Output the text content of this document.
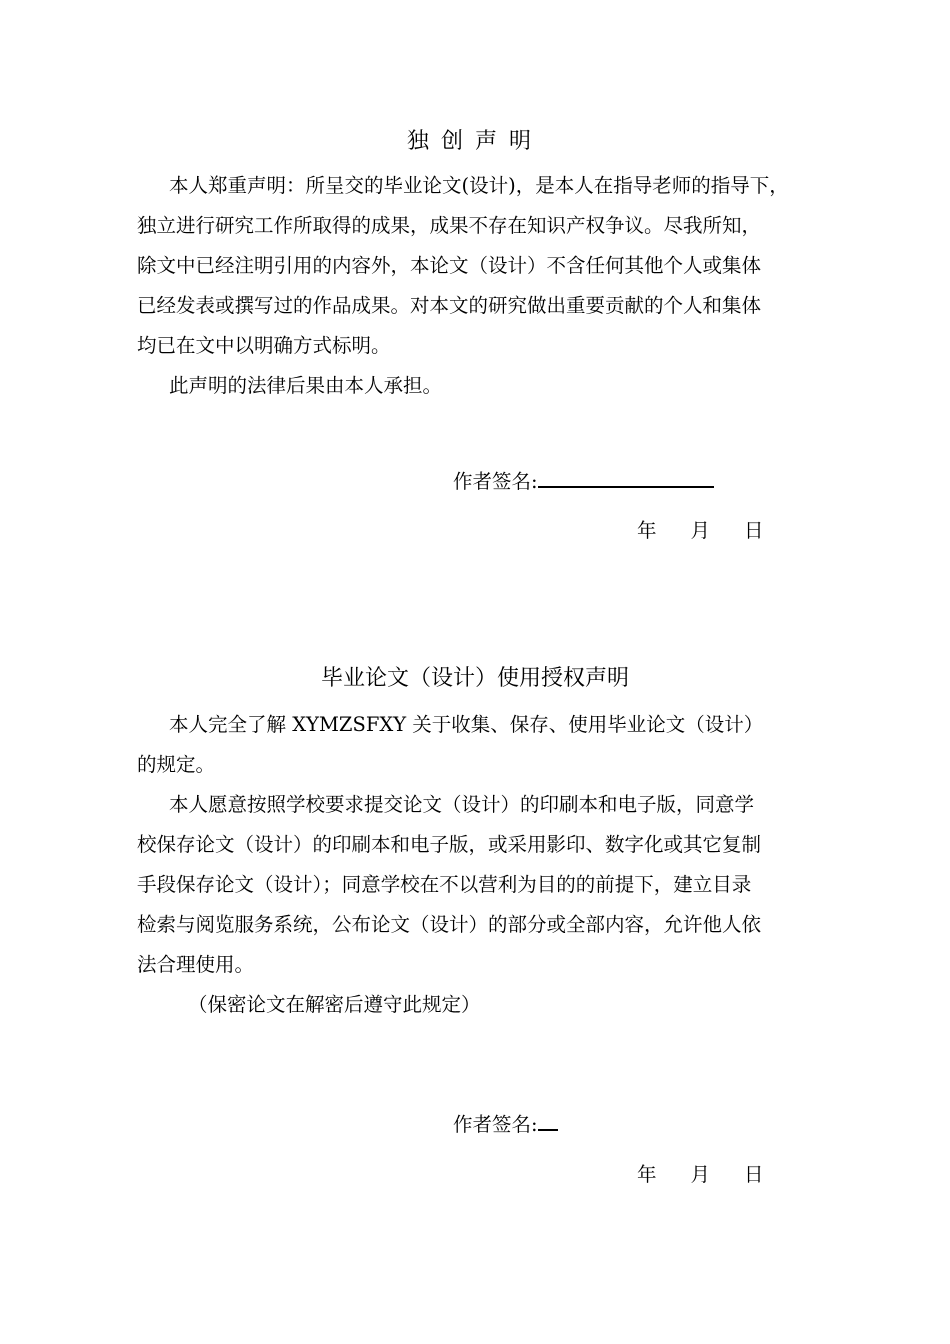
独创声明
本人郑重声明：所呈交的毕业论文(设计)，是本人在指导老师的指导下，
独立进行研究工作所取得的成果，成果不存在知识产权争议。尽我所知，
除文中已经注明引用的内容外，本论文（设计）不含任何其他个人或集体
已经发表或撰写过的作品成果。对本文的研究做出重要贡献的个人和集体
均已在文中以明确方式标明。
此声明的法律后果由本人承担。
作者签名:
年 月 日
毕业论文（设计）使用授权声明
本人完全了解 XYMZSFXY 关于收集、保存、使用毕业论文（设计）
的规定。
本人愿意按照学校要求提交论文（设计）的印刷本和电子版，同意学
校保存论文（设计）的印刷本和电子版，或采用影印、数字化或其它复制
手段保存论文（设计）；同意学校在不以营利为目的的前提下，建立目录
检索与阅览服务系统，公布论文（设计）的部分或全部内容，允许他人依
法合理使用。
（保密论文在解密后遵守此规定）
作者签名:
年 月 日
